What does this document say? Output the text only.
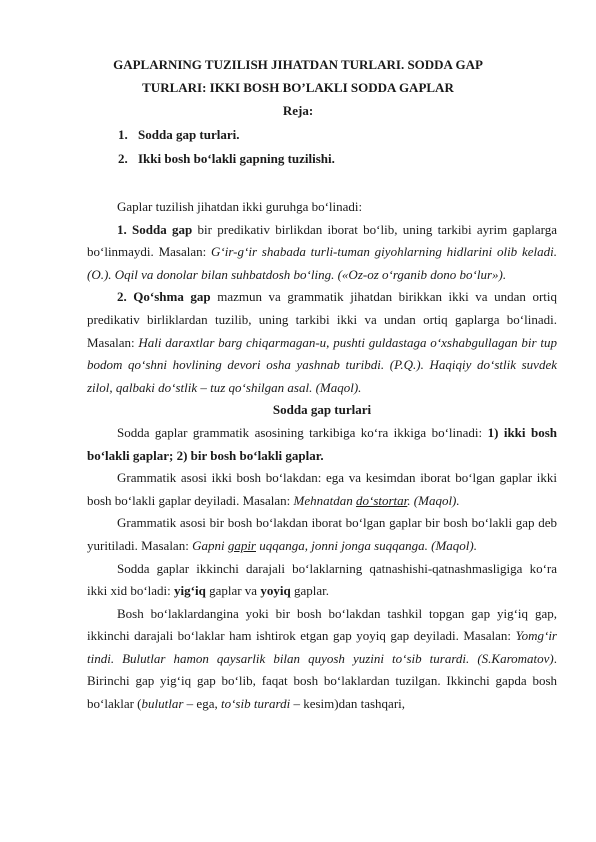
GAPLARNING TUZILISH JIHATDAN TURLARI. SODDA GAP
TURLARI: IKKI BOSH BO’LAKLI SODDA GAPLAR
Reja:
1. Sodda gap turlari.
2. Ikki bosh bo‘lakli gapning tuzilishi.

Gaplar tuzilish jihatdan ikki guruhga bo‘linadi:

1. Sodda gap bir predikativ birlikdan iborat bo‘lib, uning tarkibi ayrim gaplarga bo‘linmaydi. Masalan: G‘ir-g‘ir shabada turli-tuman giyohlarning hidlarini olib keladi. (O.). Oqil va donolar bilan suhbatdosh bo‘ling. («Oz-oz o‘rganib dono bo‘lur»).

2. Qo‘shma gap mazmun va grammatik jihatdan birikkan ikki va undan ortiq predikativ birliklardan tuzilib, uning tarkibi ikki va undan ortiq gaplarga bo‘linadi. Masalan: Hali daraxtlar barg chiqarmagan-u, pushti guldastaga o‘xshabgullagan bir tup bodom qo‘shni hovlining devori osha yashnab turibdi. (P.Q.). Haqiqiy do‘stlik suvdek zilol, qalbaki do‘stlik – tuz qo‘shilgan asal. (Maqol).

Sodda gap turlari

Sodda gaplar grammatik asosining tarkibiga ko‘ra ikkiga bo‘linadi: 1) ikki bosh bo‘lakli gaplar; 2) bir bosh bo‘lakli gaplar.

Grammatik asosi ikki bosh bo‘lakdan: ega va kesimdan iborat bo‘lgan gaplar ikki bosh bo‘lakli gaplar deyiladi. Masalan: Mehnatdan do‘stortar. (Maqol).

Grammatik asosi bir bosh bo‘lakdan iborat bo‘lgan gaplar bir bosh bo‘lakli gap deb yuritiladi. Masalan: Gapni gapir uqqanga, jonni jonga suqqanga. (Maqol).

Sodda gaplar ikkinchi darajali bo‘laklarning qatnashishi-qatnashmasligiga ko‘ra ikki xid bo‘ladi: yig‘iq gaplar va yoyiq gaplar.

Bosh bo‘laklardangina yoki bir bosh bo‘lakdan tashkil topgan gap yig‘iq gap, ikkinchi darajali bo‘laklar ham ishtirok etgan gap yoyiq gap deyiladi. Masalan: Yomg‘ir tindi. Bulutlar hamon qaysarlik bilan quyosh yuzini to‘sib turardi. (S.Karomatov). Birinchi gap yig‘iq gap bo‘lib, faqat bosh bo‘laklardan tuzilgan. Ikkinchi gapda bosh bo‘laklar (bulutlar – ega, to‘sib turardi – kesim)dan tashqari,
